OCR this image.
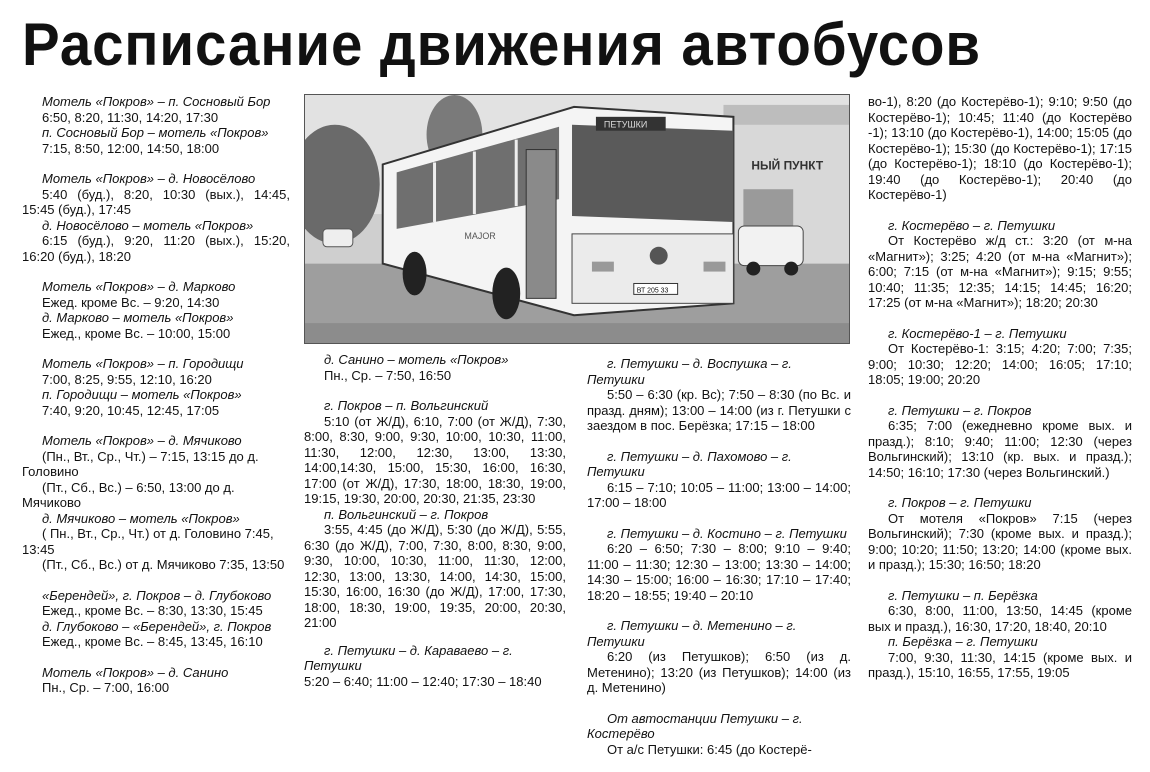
Расписание движения автобусов

Мотель «Покров» – п. Сосновый Бор

6:50, 8:20, 11:30, 14:20, 17:30

п. Сосновый Бор – мотель «Покров»

7:15, 8:50, 12:00, 14:50, 18:00

Мотель «Покров» – д. Новосёлово

5:40 (буд.), 8:20, 10:30 (вых.), 14:45, 15:45 (буд.), 17:45

д. Новосёлово – мотель «Покров»

6:15 (буд.), 9:20, 11:20 (вых.), 15:20, 16:20 (буд.), 18:20

Мотель «Покров» – д. Марково

Ежед. кроме Вс. – 9:20, 14:30

д. Марково – мотель «Покров»

Ежед., кроме Вс. – 10:00, 15:00

Мотель «Покров» – п. Городищи

7:00, 8:25, 9:55, 12:10, 16:20

п. Городищи – мотель «Покров»

7:40, 9:20, 10:45, 12:45, 17:05

Мотель «Покров» – д. Мячиково

(Пн., Вт., Ср., Чт.) – 7:15, 13:15 до д. Головино

(Пт., Сб., Вс.) – 6:50, 13:00 до д. Мячиково

д. Мячиково – мотель «Покров»

( Пн., Вт., Ср., Чт.) от д. Головино 7:45, 13:45

(Пт., Сб., Вс.) от д. Мячиково 7:35, 13:50

«Берендей», г. Покров – д. Глубоково

Ежед., кроме Вс. – 8:30, 13:30, 15:45

д. Глубоково – «Берендей», г. Покров

Ежед., кроме Вс. – 8:45, 13:45, 16:10

Мотель «Покров» – д. Санино

Пн., Ср. – 7:00, 16:00

НЫЙ ПУНКТ
MAJOR
ПЕТУШКИ
ВТ 205 33

д. Санино – мотель «Покров»

Пн., Ср. – 7:50, 16:50

г. Покров – п. Вольгинский

5:10 (от Ж/Д), 6:10, 7:00 (от Ж/Д), 7:30, 8:00, 8:30, 9:00, 9:30, 10:00, 10:30, 11:00, 11:30, 12:00, 12:30, 13:00, 13:30, 14:00,14:30, 15:00, 15:30, 16:00, 16:30, 17:00 (от Ж/Д), 17:30, 18:00, 18:30, 19:00, 19:15, 19:30, 20:00, 20:30, 21:35, 23:30

п. Вольгинский – г. Покров

3:55, 4:45 (до Ж/Д), 5:30 (до Ж/Д), 5:55, 6:30 (до Ж/Д), 7:00, 7:30, 8:00, 8:30, 9:00, 9:30, 10:00, 10:30, 11:00, 11:30, 12:00, 12:30, 13:00, 13:30, 14:00, 14:30, 15:00, 15:30, 16:00, 16:30 (до Ж/Д), 17:00, 17:30, 18:00, 18:30, 19:00, 19:35, 20:00, 20:30, 21:00

г. Петушки – д. Караваево – г. Петушки

5:20 – 6:40; 11:00 – 12:40; 17:30 – 18:40

г. Петушки – д. Воспушка – г. Петушки

5:50 – 6:30 (кр. Вс); 7:50 – 8:30 (по Вс. и празд. дням); 13:00 – 14:00 (из г. Петушки с заездом в пос. Берёзка; 17:15 – 18:00

г. Петушки – д. Пахомово – г. Петушки

6:15 – 7:10; 10:05 – 11:00; 13:00 – 14:00; 17:00 – 18:00

г. Петушки – д. Костино – г. Петушки

6:20 – 6:50; 7:30 – 8:00; 9:10 – 9:40; 11:00 – 11:30; 12:30 – 13:00; 13:30 – 14:00; 14:30 – 15:00; 16:00 – 16:30; 17:10 – 17:40; 18:20 – 18:55; 19:40 – 20:10

г. Петушки – д. Метенино – г. Петушки

6:20 (из Петушков); 6:50 (из д. Метенино); 13:20 (из Петушков); 14:00 (из д. Метенино)

От автостанции Петушки – г. Костерёво

От а/с Петушки: 6:45 (до Костерё-

во-1), 8:20 (до Костерёво-1); 9:10; 9:50 (до Костерёво-1); 10:45; 11:40 (до Костерёво -1); 13:10 (до Костерёво-1), 14:00; 15:05 (до Костерёво-1); 15:30 (до Костерёво-1); 17:15 (до Костерёво-1); 18:10 (до Костерёво-1); 19:40 (до Костерёво-1); 20:40 (до Костерёво-1)

г. Костерёво – г. Петушки

От Костерёво ж/д ст.: 3:20 (от м-на «Магнит»); 3:25; 4:20 (от м-на «Магнит»); 6:00; 7:15 (от м-на «Магнит»); 9:15; 9:55; 10:40; 11:35; 12:35; 14:15; 14:45; 16:20; 17:25 (от м-на «Магнит»); 18:20; 20:30

г. Костерёво-1 – г. Петушки

От Костерёво-1: 3:15; 4:20; 7:00; 7:35; 9:00; 10:30; 12:20; 14:00; 16:05; 17:10; 18:05; 19:00; 20:20

г. Петушки – г. Покров

6:35; 7:00 (ежедневно кроме вых. и празд.); 8:10; 9:40; 11:00; 12:30 (через Вольгинский); 13:10 (кр. вых. и празд.); 14:50; 16:10; 17:30 (через Вольгинский.)

г. Покров – г. Петушки

От мотеля «Покров» 7:15 (через Вольгинский); 7:30 (кроме вых. и празд.); 9:00; 10:20; 11:50; 13:20; 14:00 (кроме вых. и празд.); 15:30; 16:50; 18:20

г. Петушки – п. Берёзка

6:30, 8:00, 11:00, 13:50, 14:45 (кроме вых и празд.), 16:30, 17:20, 18:40, 20:10

п. Берёзка – г. Петушки

7:00, 9:30, 11:30, 14:15 (кроме вых. и празд.), 15:10, 16:55, 17:55, 19:05
